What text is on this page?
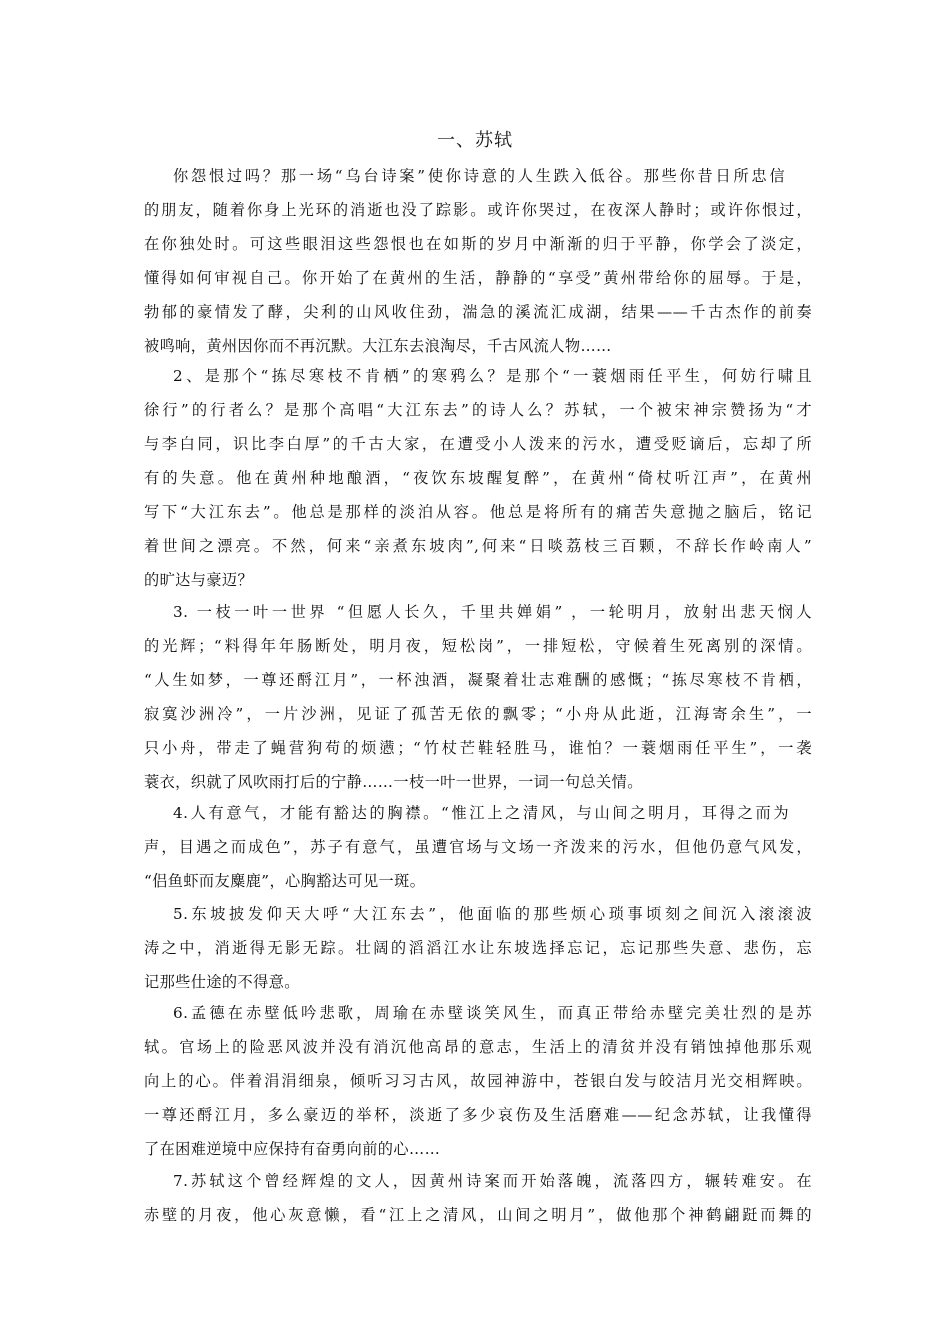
一、苏轼
你怨恨过吗？那一场“乌台诗案”使你诗意的人生跌入低谷。那些你昔日所忠信
的朋友，随着你身上光环的消逝也没了踪影。或许你哭过，在夜深人静时；或许你恨过，
在你独处时。可这些眼泪这些怨恨也在如斯的岁月中渐渐的归于平静，你学会了淡定，
懂得如何审视自己。你开始了在黄州的生活，静静的“享受”黄州带给你的屈辱。于是，
勃郁的豪情发了酵，尖利的山风收住劲，湍急的溪流汇成湖，结果——千古杰作的前奏
被鸣响，黄州因你而不再沉默。大江东去浪淘尽，千古风流人物……
2、是那个“拣尽寒枝不肯栖”的寒鸦么？是那个“一蓑烟雨任平生，何妨行啸且
徐行”的行者么？是那个高唱“大江东去”的诗人么？苏轼，一个被宋神宗赞扬为“才
与李白同，识比李白厚”的千古大家，在遭受小人泼来的污水，遭受贬谪后，忘却了所
有的失意。他在黄州种地酿酒，“夜饮东坡醒复醉”，在黄州“倚杖听江声”，在黄州
写下“大江东去”。他总是那样的淡泊从容。他总是将所有的痛苦失意抛之脑后，铭记
着世间之漂亮。不然，何来“亲煮东坡肉”,何来“日啖荔枝三百颗，不辞长作岭南人”
的旷达与豪迈？
3. 一枝一叶一世界 “但愿人长久，千里共婵娟” ，一轮明月，放射出悲天悯人
的光辉；“料得年年肠断处，明月夜，短松岗”，一排短松，守候着生死离别的深情。
“人生如梦，一尊还酹江月”，一杯浊酒，凝聚着壮志难酬的感慨；“拣尽寒枝不肯栖，
寂寞沙洲冷”，一片沙洲，见证了孤苦无依的飘零；“小舟从此逝，江海寄余生”，一
只小舟，带走了蝇营狗苟的烦懑；“竹杖芒鞋轻胜马，谁怕？一蓑烟雨任平生”，一袭
蓑衣，织就了风吹雨打后的宁静……一枝一叶一世界，一词一句总关情。
4.人有意气，才能有豁达的胸襟。“惟江上之清风，与山间之明月，耳得之而为
声，目遇之而成色”，苏子有意气，虽遭官场与文场一齐泼来的污水，但他仍意气风发，
“侣鱼虾而友麋鹿”，心胸豁达可见一斑。
5.东坡披发仰天大呼“大江东去”，他面临的那些烦心琐事顷刻之间沉入滚滚波
涛之中，消逝得无影无踪。壮阔的滔滔江水让东坡选择忘记，忘记那些失意、悲伤，忘
记那些仕途的不得意。
6.孟德在赤壁低吟悲歌，周瑜在赤壁谈笑风生，而真正带给赤壁完美壮烈的是苏
轼。官场上的险恶风波并没有消沉他高昂的意志，生活上的清贫并没有销蚀掉他那乐观
向上的心。伴着涓涓细泉，倾听习习古风，故园神游中，苍银白发与皎洁月光交相辉映。
一尊还酹江月，多么豪迈的举杯，淡逝了多少哀伤及生活磨难——纪念苏轼，让我懂得
了在困难逆境中应保持有奋勇向前的心……
7.苏轼这个曾经辉煌的文人，因黄州诗案而开始落魄，流落四方，辗转难安。在
赤壁的月夜，他心灰意懒，看“江上之清风，山间之明月”，做他那个神鹤翩跹而舞的
